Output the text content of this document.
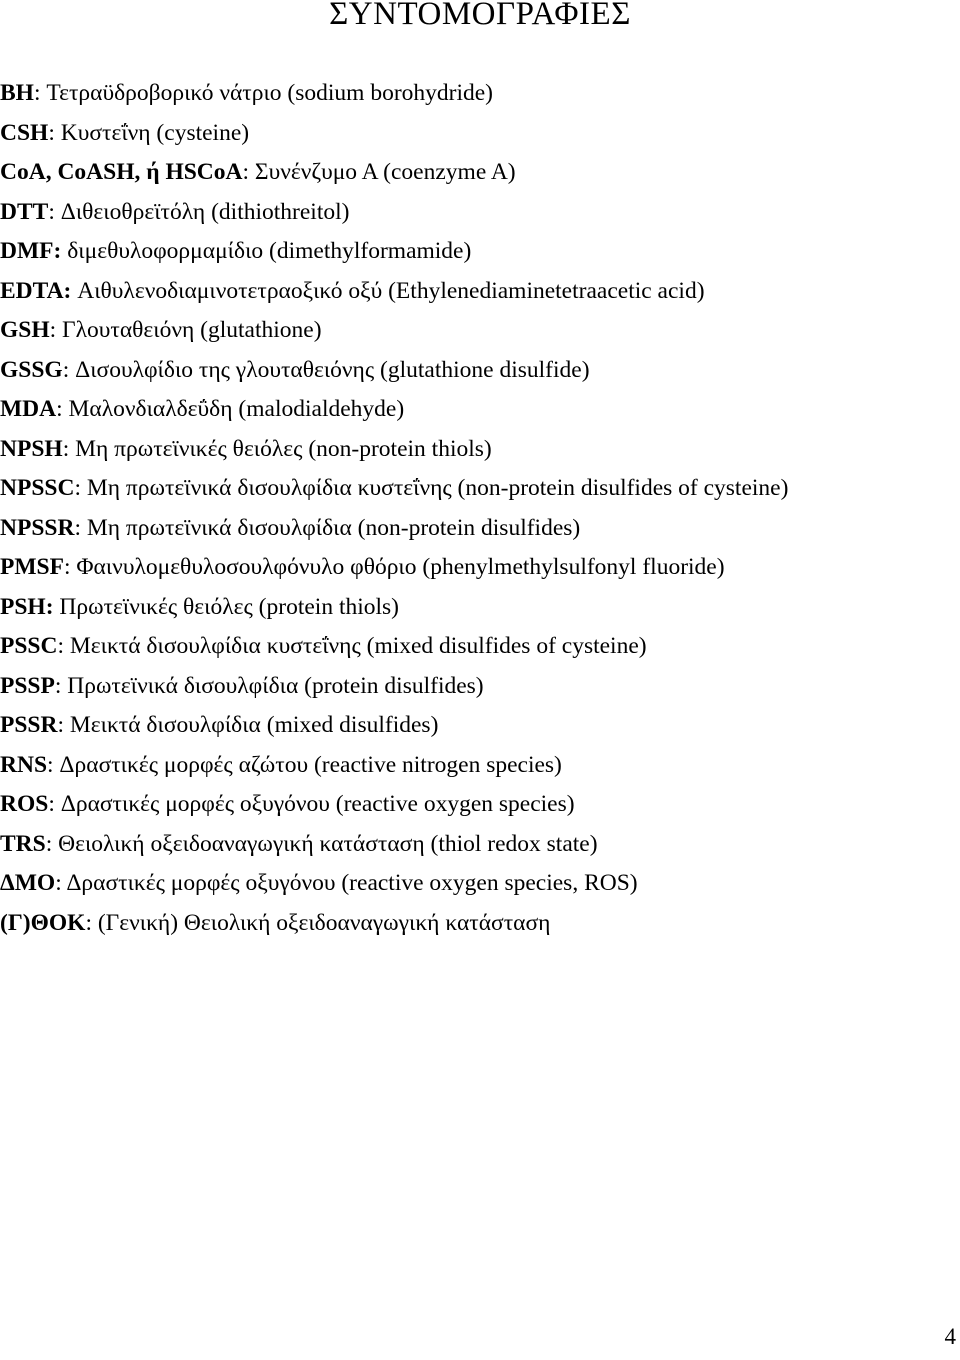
ΣΥΝΤΟΜΟΓΡΑΦΙΕΣ
BH: Τετραϋδροβορικό νάτριο (sodium borohydride)
CSH: Κυστεΐνη (cysteine)
CoA, CoASH, ή HSCoA: Συνένζυμο Α (coenzyme A)
DTT: Διθειοθρεϊτόλη (dithiothreitol)
DMF: διμεθυλοφορμαμίδιο (dimethylformamide)
EDTA: Αιθυλενοδιαμινοτετραοξικό οξύ (Ethylenediaminetetraacetic acid)
GSH: Γλουταθειόνη (glutathione)
GSSG: Δισουλφίδιο της γλουταθειόνης (glutathione disulfide)
MDA: Μαλονδιαλδεΰδη (malodialdehyde)
NPSH: Μη πρωτεϊνικές θειόλες (non-protein thiols)
NPSSC: Μη πρωτεϊνικά δισουλφίδια κυστεΐνης (non-protein disulfides of cysteine)
NPSSR: Μη πρωτεϊνικά δισουλφίδια (non-protein disulfides)
PMSF: Φαινυλομεθυλοσουλφόνυλο φθόριο (phenylmethylsulfonyl fluoride)
PSH: Πρωτεϊνικές θειόλες (protein thiols)
PSSC: Μεικτά δισουλφίδια κυστεΐνης (mixed disulfides of cysteine)
PSSP: Πρωτεϊνικά δισουλφίδια (protein disulfides)
PSSR: Μεικτά δισουλφίδια (mixed disulfides)
RNS: Δραστικές μορφές αζώτου (reactive nitrogen species)
ROS: Δραστικές μορφές οξυγόνου (reactive oxygen species)
TRS: Θειολική οξειδοαναγωγική κατάσταση (thiol redox state)
ΔΜΟ: Δραστικές μορφές οξυγόνου (reactive oxygen species, ROS)
(Γ)ΘΟΚ: (Γενική) Θειολική οξειδοαναγωγική κατάσταση
4
